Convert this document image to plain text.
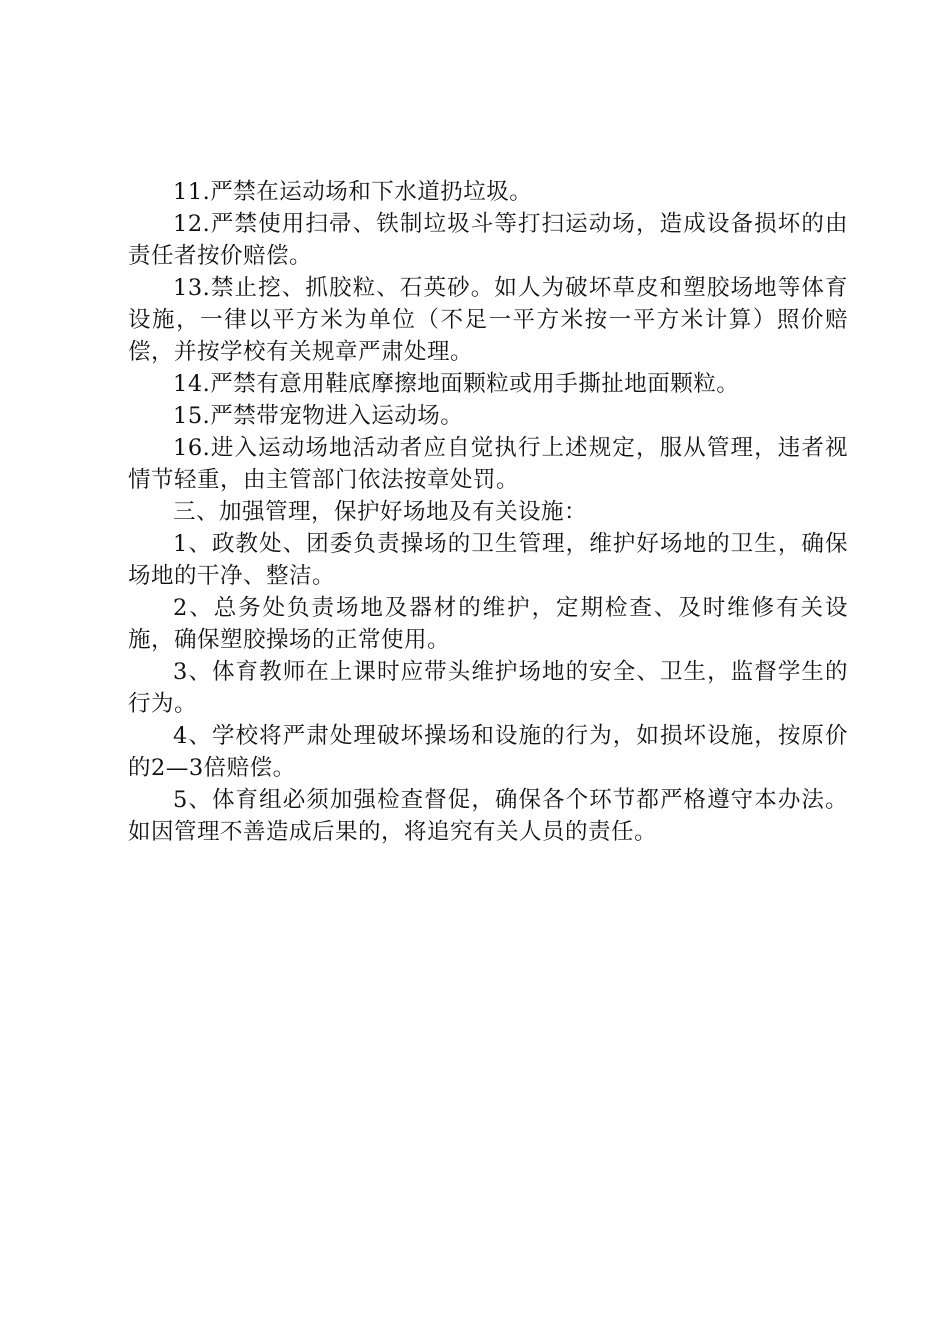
11.严禁在运动场和下水道扔垃圾。

12.严禁使用扫帚、铁制垃圾斗等打扫运动场，造成设备损坏的由责任者按价赔偿。

13.禁止挖、抓胶粒、石英砂。如人为破坏草皮和塑胶场地等体育设施，一律以平方米为单位（不足一平方米按一平方米计算）照价赔偿，并按学校有关规章严肃处理。

14.严禁有意用鞋底摩擦地面颗粒或用手撕扯地面颗粒。

15.严禁带宠物进入运动场。

16.进入运动场地活动者应自觉执行上述规定，服从管理，违者视情节轻重，由主管部门依法按章处罚。

三、加强管理，保护好场地及有关设施：

1、政教处、团委负责操场的卫生管理，维护好场地的卫生，确保场地的干净、整洁。

2、总务处负责场地及器材的维护，定期检查、及时维修有关设施，确保塑胶操场的正常使用。

3、体育教师在上课时应带头维护场地的安全、卫生，监督学生的行为。

4、学校将严肃处理破坏操场和设施的行为，如损坏设施，按原价的2—3倍赔偿。

5、体育组必须加强检查督促，确保各个环节都严格遵守本办法。如因管理不善造成后果的，将追究有关人员的责任。
